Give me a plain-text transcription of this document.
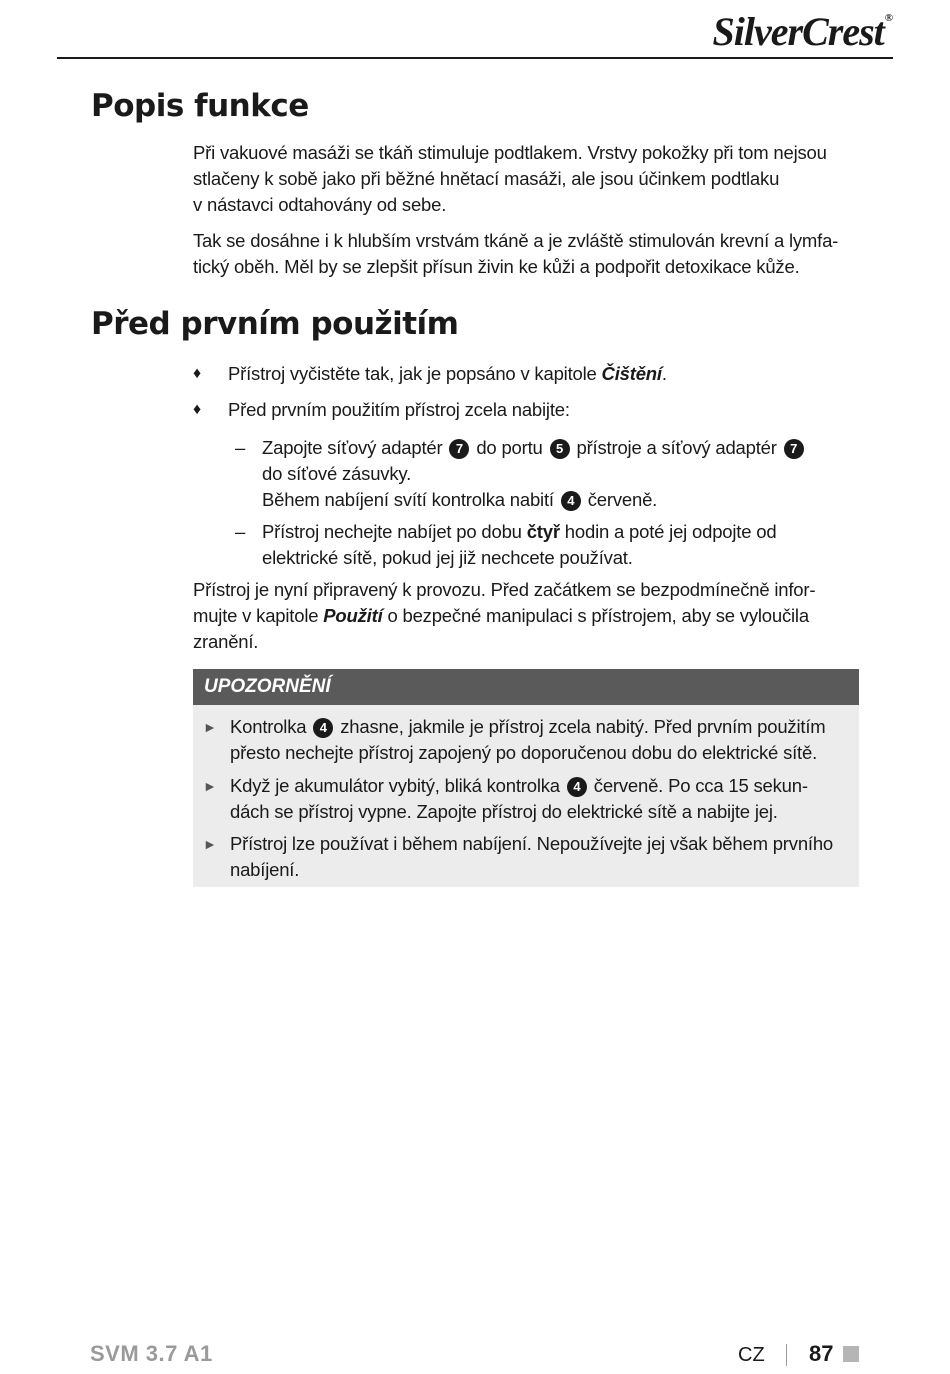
SilverCrest®
Popis funkce
Při vakuové masáži se tkáň stimuluje podtlakem. Vrstvy pokožky při tom nejsou
stlačeny k sobě jako při běžné hnětací masáži, ale jsou účinkem podtlaku
v nástavci odtahovány od sebe.
Tak se dosáhne i k hlubším vrstvám tkáně a je zvláště stimulován krevní a lymfa-
tický oběh. Měl by se zlepšit přísun živin ke kůži a podpořit detoxikace kůže.
Před prvním použitím
♦ Přístroj vyčistěte tak, jak je popsáno v kapitole Čištění.
♦ Před prvním použitím přístroj zcela nabijte:
– Zapojte síťový adaptér 7 do portu 5 přístroje a síťový adaptér 7
do síťové zásuvky.
Během nabíjení svítí kontrolka nabití 4 červeně.
– Přístroj nechejte nabíjet po dobu čtyř hodin a poté jej odpojte od
elektrické sítě, pokud jej již nechcete používat.
Přístroj je nyní připravený k provozu. Před začátkem se bezpodmínečně infor-
mujte v kapitole Použití o bezpečné manipulaci s přístrojem, aby se vyloučila
zranění.
UPOZORNĚNÍ
► Kontrolka 4 zhasne, jakmile je přístroj zcela nabitý. Před prvním použitím
přesto nechejte přístroj zapojený po doporučenou dobu do elektrické sítě.
► Když je akumulátor vybitý, bliká kontrolka 4 červeně. Po cca 15 sekun-
dách se přístroj vypne. Zapojte přístroj do elektrické sítě a nabijte jej.
► Přístroj lze používat i během nabíjení. Nepoužívejte jej však během prvního
nabíjení.
SVM 3.7 A1	CZ 87
